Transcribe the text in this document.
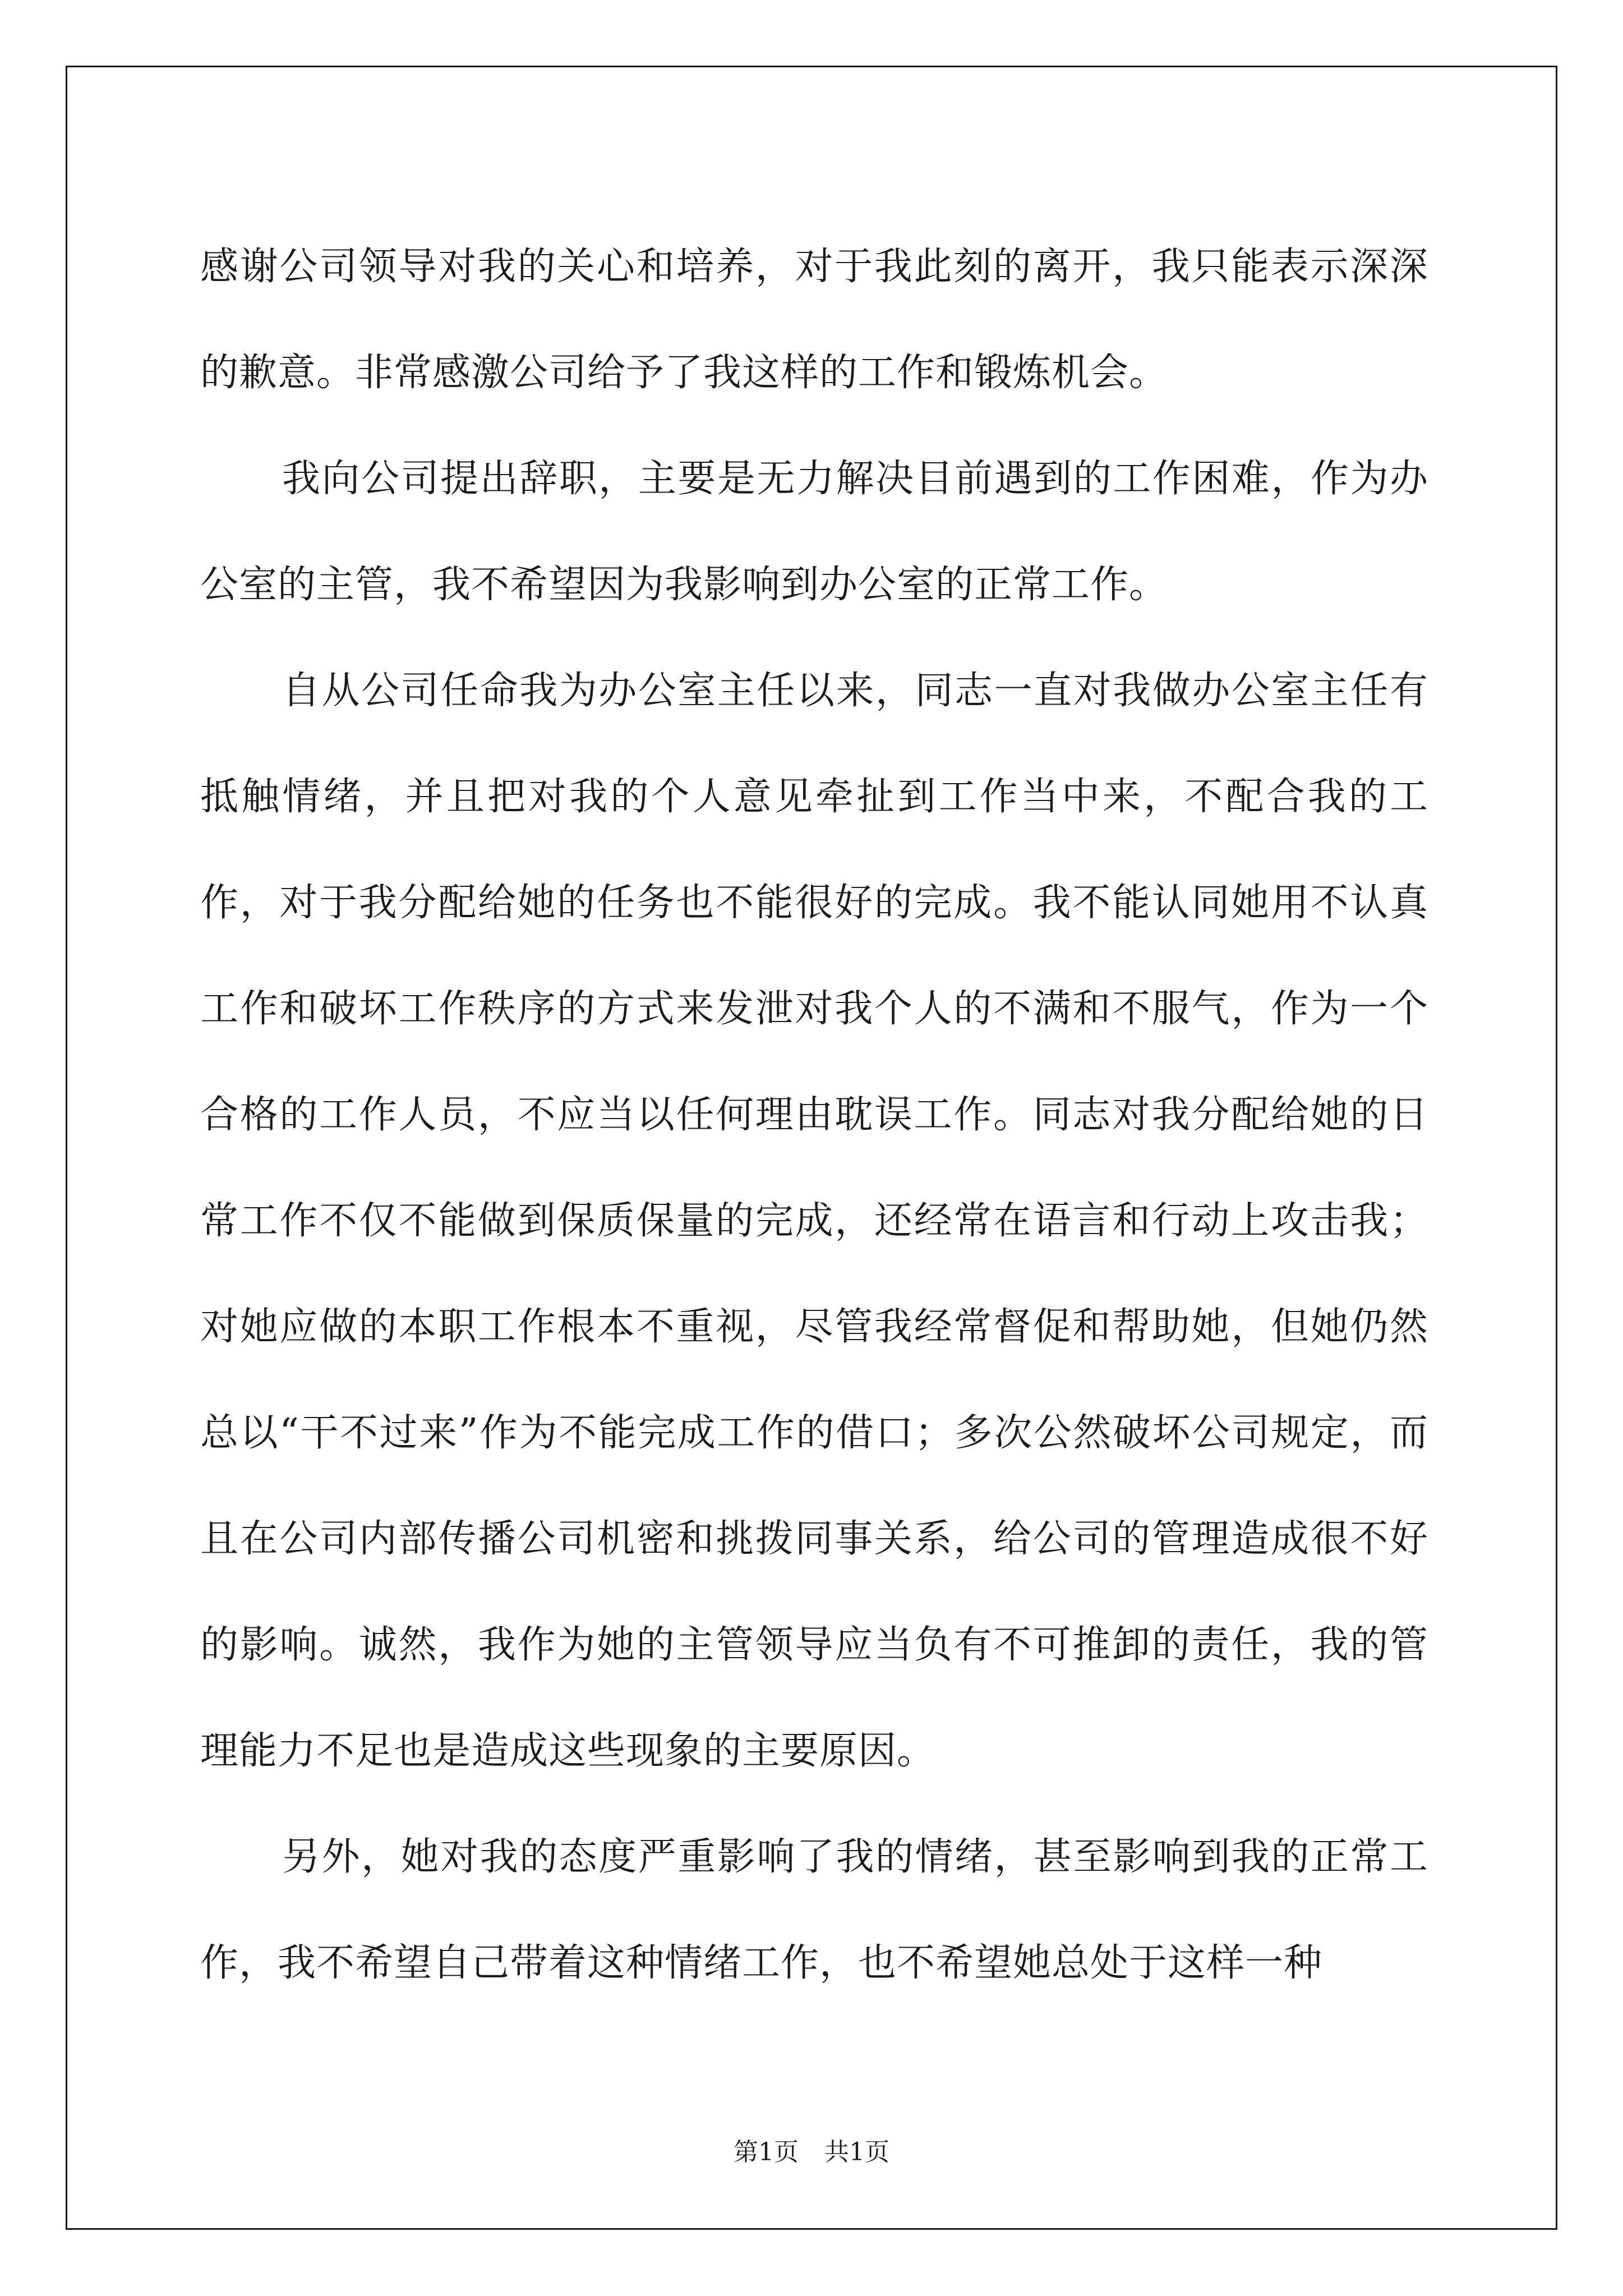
感谢公司领导对我的关心和培养，对于我此刻的离开，我只能表示深深的歉意。非常感激公司给予了我这样的工作和锻炼机会。

我向公司提出辞职，主要是无力解决目前遇到的工作困难，作为办公室的主管，我不希望因为我影响到办公室的正常工作。

自从公司任命我为办公室主任以来，同志一直对我做办公室主任有抵触情绪，并且把对我的个人意见牵扯到工作当中来，不配合我的工作，对于我分配给她的任务也不能很好的完成。我不能认同她用不认真工作和破坏工作秩序的方式来发泄对我个人的不满和不服气，作为一个合格的工作人员，不应当以任何理由耽误工作。同志对我分配给她的日常工作不仅不能做到保质保量的完成，还经常在语言和行动上攻击我；对她应做的本职工作根本不重视，尽管我经常督促和帮助她，但她仍然总以“干不过来”作为不能完成工作的借口；多次公然破坏公司规定，而且在公司内部传播公司机密和挑拨同事关系，给公司的管理造成很不好的影响。诚然，我作为她的主管领导应当负有不可推卸的责任，我的管理能力不足也是造成这些现象的主要原因。

另外，她对我的态度严重影响了我的情绪，甚至影响到我的正常工作，我不希望自己带着这种情绪工作，也不希望她总处于这样一种

第1页 共1页
